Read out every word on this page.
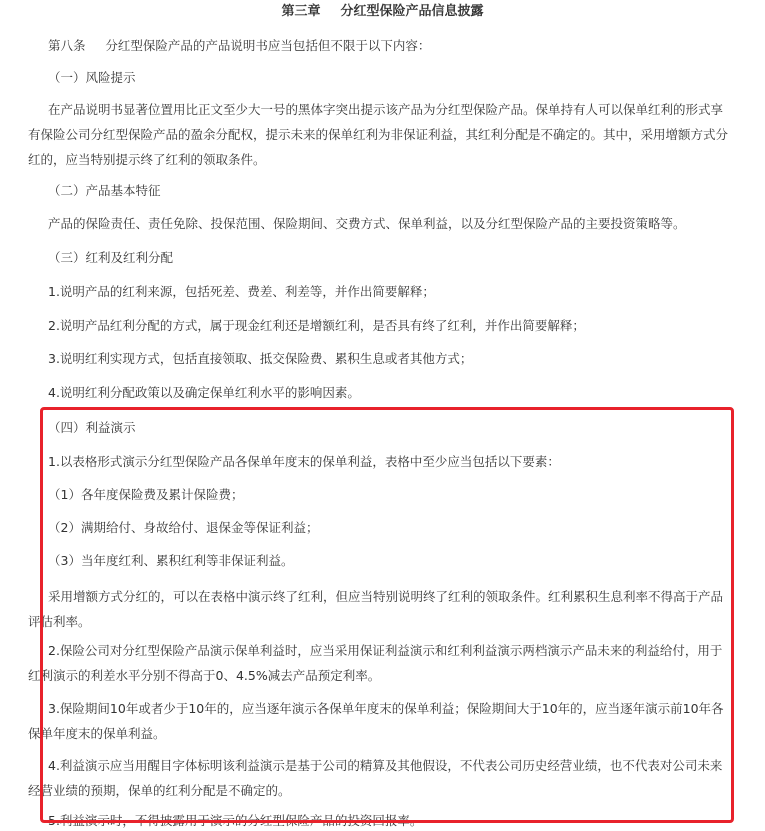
第三章 分红型保险产品信息披露
第八条 分红型保险产品的产品说明书应当包括但不限于以下内容：
（一）风险提示
在产品说明书显著位置用比正文至少大一号的黑体字突出提示该产品为分红型保险产品。保单持有人可以保单红利的形式享有保险公司分红型保险产品的盈余分配权，提示未来的保单红利为非保证利益，其红利分配是不确定的。其中，采用增额方式分红的，应当特别提示终了红利的领取条件。
（二）产品基本特征
产品的保险责任、责任免除、投保范围、保险期间、交费方式、保单利益，以及分红型保险产品的主要投资策略等。
（三）红利及红利分配
1.说明产品的红利来源，包括死差、费差、利差等，并作出简要解释；
2.说明产品红利分配的方式，属于现金红利还是增额红利，是否具有终了红利，并作出简要解释；
3.说明红利实现方式，包括直接领取、抵交保险费、累积生息或者其他方式；
4.说明红利分配政策以及确定保单红利水平的影响因素。
（四）利益演示
1.以表格形式演示分红型保险产品各保单年度末的保单利益，表格中至少应当包括以下要素：
（1）各年度保险费及累计保险费；
（2）满期给付、身故给付、退保金等保证利益；
（3）当年度红利、累积红利等非保证利益。
采用增额方式分红的，可以在表格中演示终了红利，但应当特别说明终了红利的领取条件。红利累积生息利率不得高于产品评估利率。
2.保险公司对分红型保险产品演示保单利益时，应当采用保证利益演示和红利利益演示两档演示产品未来的利益给付，用于红利演示的利差水平分别不得高于0、4.5%减去产品预定利率。
3.保险期间10年或者少于10年的，应当逐年演示各保单年度末的保单利益；保险期间大于10年的，应当逐年演示前10年各保单年度末的保单利益。
4.利益演示应当用醒目字体标明该利益演示是基于公司的精算及其他假设，不代表公司历史经营业绩，也不代表对公司未来经营业绩的预期，保单的红利分配是不确定的。
5.利益演示时，不得披露用于演示的分红型保险产品的投资回报率。
